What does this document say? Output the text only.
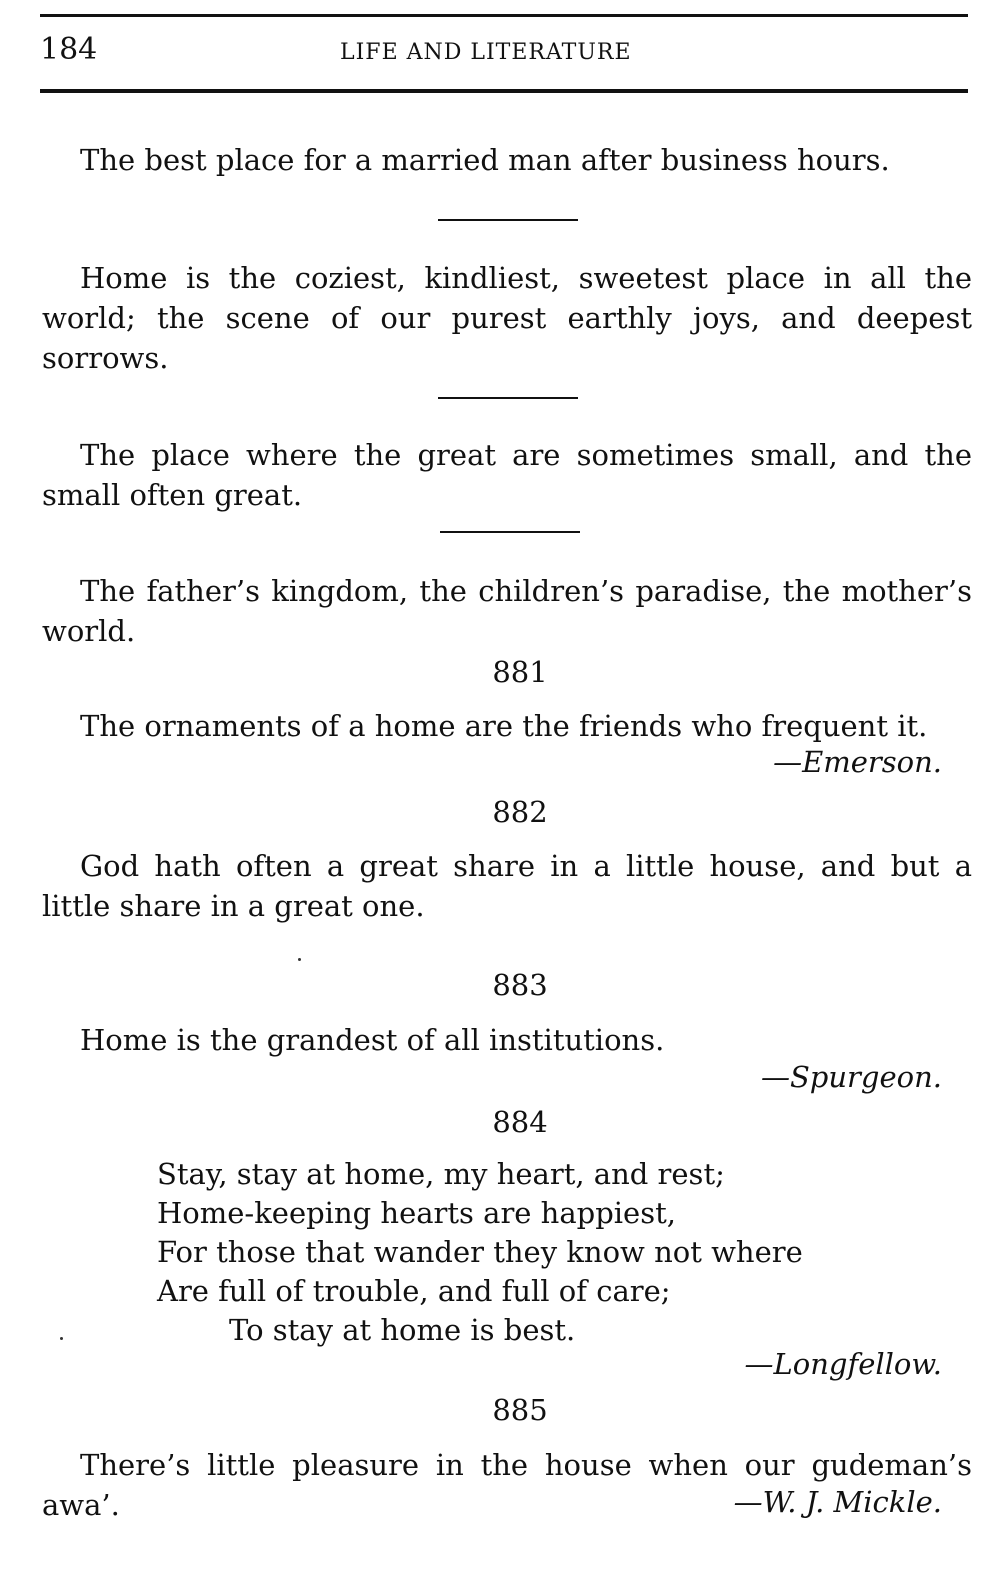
184	LIFE AND LITERATURE
The best place for a married man after business hours.
Home is the coziest, kindliest, sweetest place in all the world; the scene of our purest earthly joys, and deepest sorrows.
The place where the great are sometimes small, and the small often great.
The father’s kingdom, the children’s paradise, the mother’s world.
881
The ornaments of a home are the friends who frequent it.
—Emerson.
882
God hath often a great share in a little house, and but a little share in a great one.
883
Home is the grandest of all institutions.
—Spurgeon.
884
Stay, stay at home, my heart, and rest;
Home-keeping hearts are happiest,
For those that wander they know not where
Are full of trouble, and full of care;
To stay at home is best.
—Longfellow.
885
There’s little pleasure in the house when our gudeman’s awa’.	—W. J. Mickle.
